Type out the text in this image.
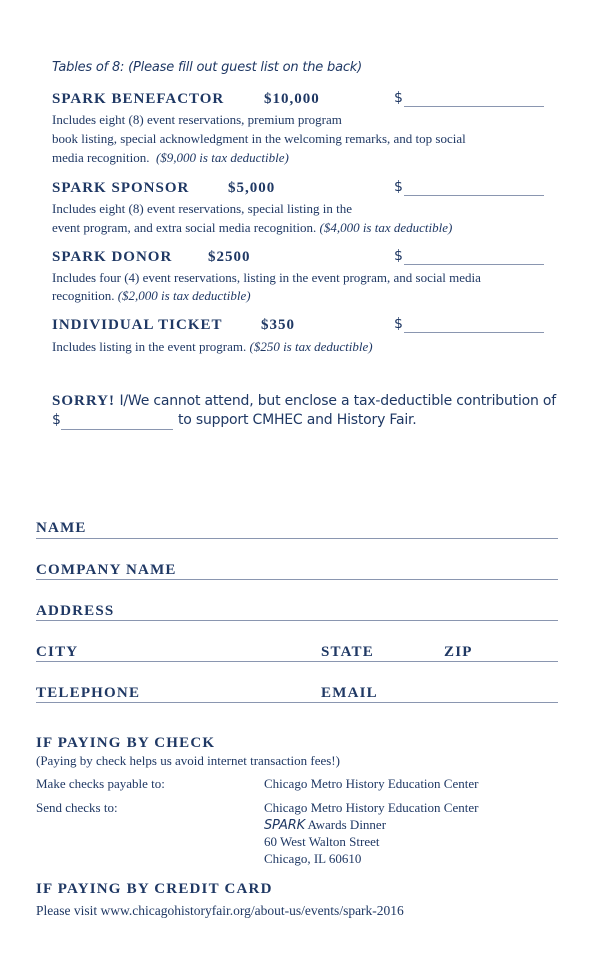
Tables of 8: (Please fill out guest list on the back)
SPARK BENEFACTOR	$10,000	$
Includes eight (8) event reservations, premium program
book listing, special acknowledgment in the welcoming remarks, and top social
media recognition. ($9,000 is tax deductible)
SPARK SPONSOR	$5,000	$
Includes eight (8) event reservations, special listing in the
event program, and extra social media recognition. ($4,000 is tax deductible)
SPARK DONOR $2500	$
Includes four (4) event reservations, listing in the event program, and social media
recognition. ($2,000 is tax deductible)
INDIVIDUAL TICKET	$350	$
Includes listing in the event program. ($250 is tax deductible)
SORRY! I/We cannot attend, but enclose a tax-deductible contribution of
$	to support CMHEC and History Fair.
NAME
COMPANY NAME
ADDRESS
CITY	STATE	ZIP
TELEPHONE	EMAIL
IF PAYING BY CHECK
(Paying by check helps us avoid internet transaction fees!)
Make checks payable to:	Chicago Metro History Education Center
Send checks to:	Chicago Metro History Education Center
SPARK Awards Dinner
60 West Walton Street
Chicago, IL 60610
IF PAYING BY CREDIT CARD
Please visit www.chicagohistoryfair.org/about-us/events/spark-2016
